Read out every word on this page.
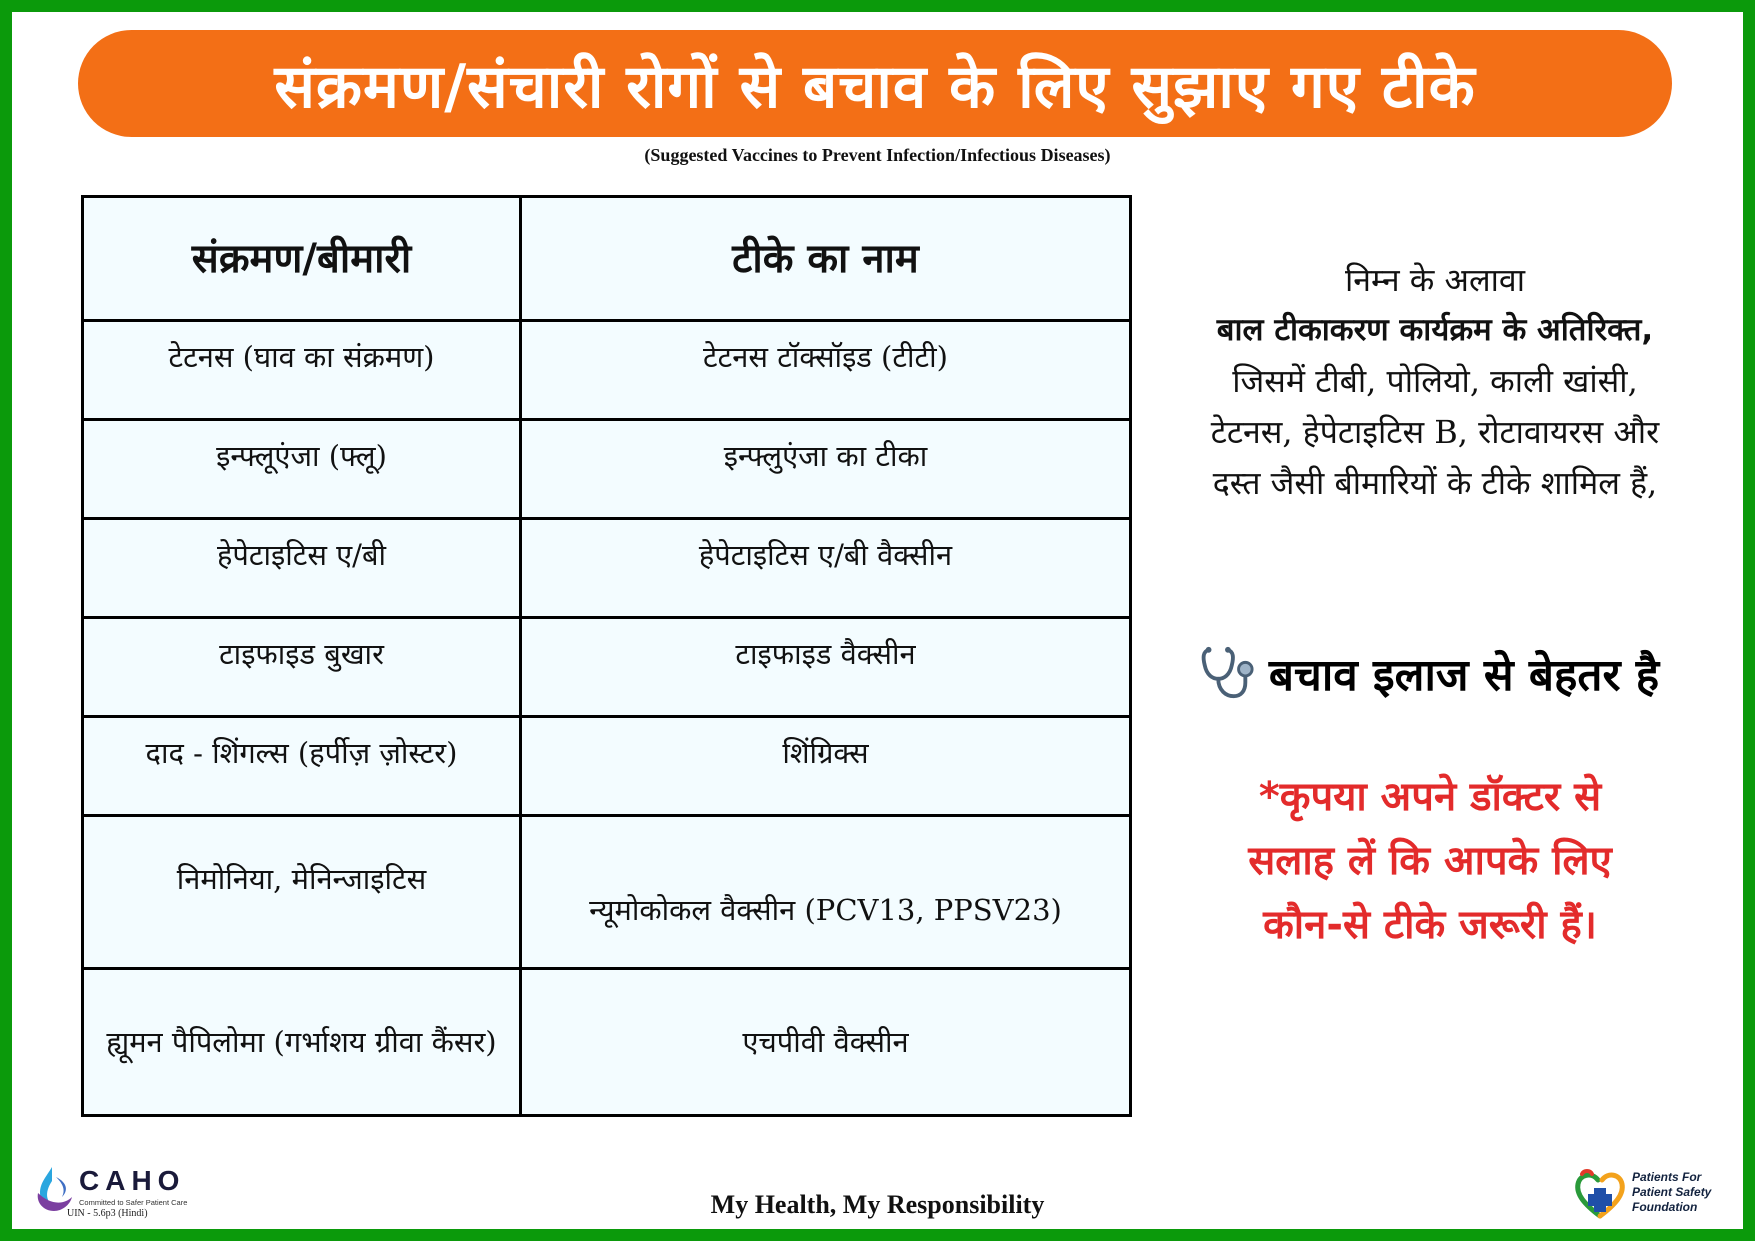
संक्रमण/संचारी रोगों से बचाव के लिए सुझाए गए टीके
(Suggested Vaccines to Prevent Infection/Infectious Diseases)
संक्रमण/बीमारी	टीके का नाम
टेटनस (घाव का संक्रमण)	टेटनस टॉक्सॉइड (टीटी)
इन्फ्लूएंजा (फ्लू)	इन्फ्लुएंजा का टीका
हेपेटाइटिस ए/बी	हेपेटाइटिस ए/बी वैक्सीन
टाइफाइड बुखार	टाइफाइड वैक्सीन
दाद - शिंगल्स (हर्पीज़ ज़ोस्टर)	शिंग्रिक्स
निमोनिया, मेनिन्जाइटिस	न्यूमोकोकल वैक्सीन (PCV13, PPSV23)
ह्यूमन पैपिलोमा (गर्भाशय ग्रीवा कैंसर)	एचपीवी वैक्सीन
निम्न के अलावा
बाल टीकाकरण कार्यक्रम के अतिरिक्त,
जिसमें टीबी, पोलियो, काली खांसी,
टेटनस, हेपेटाइटिस B, रोटावायरस और
दस्त जैसी बीमारियों के टीके शामिल हैं,
बचाव इलाज से बेहतर है
*कृपया अपने डॉक्टर से
सलाह लें कि आपके लिए
कौन-से टीके जरूरी हैं।
CAHO
Committed to Safer Patient Care
UIN - 5.6p3 (Hindi)	My Health, My Responsibility
Patients For
Patient Safety
Foundation
